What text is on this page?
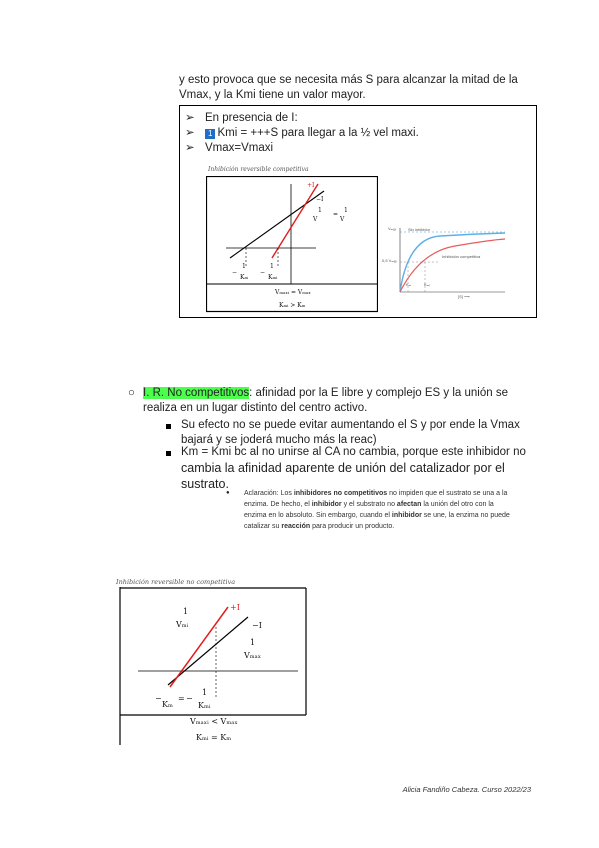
y esto provoca que se necesita más S para alcanzar la mitad de la
Vmax, y la Kmi tiene un valor mayor.
➢ En presencia de I:
➢ 1 Kmi = +++S para llegar a la ½ vel maxi.
➢ Vmax=Vmaxi
Inhibición reversible competitiva
+I
−I
1
V
=
1
V
−
1
Kₘ
−
1
Kₘᵢ
Vₘₐₓᵢ = Vₘₐₓ
Kₘᵢ > Kₘ
Sin inhibidor
Inhibición competitiva
Vₘₐₓ
0,5 Vₘₐₓ
Kₘ	Kₘᵢ
[S] ⟶
○ I. R. No competitivos: afinidad por la E libre y complejo ES y la unión se
realiza en un lugar distinto del centro activo.
Su efecto no se puede evitar aumentando el S y por ende la Vmax
bajará y se joderá mucho más la reac)
Km = Kmi bc al no unirse al CA no cambia, porque este inhibidor no
cambia la afinidad aparente de unión del catalizador por el
sustrato.
● Aclaración: Los inhibidores no competitivos no impiden que el sustrato se una a la
enzima. De hecho, el inhibidor y el substrato no afectan la unión del otro con la
enzima en lo absoluto. Sin embargo, cuando el inhibidor se une, la enzima no puede
catalizar su reacción para producir un producto.
Inhibición reversible no competitiva
1
Vₘᵢ
+I
−I
1
Vₘₐₓ
−
Kₘ
= −
1
Kₘᵢ
Vₘₐₓᵢ < Vₘₐₓ
Kₘᵢ = Kₘ
Alicia Fandiño Cabeza. Curso 2022/23
